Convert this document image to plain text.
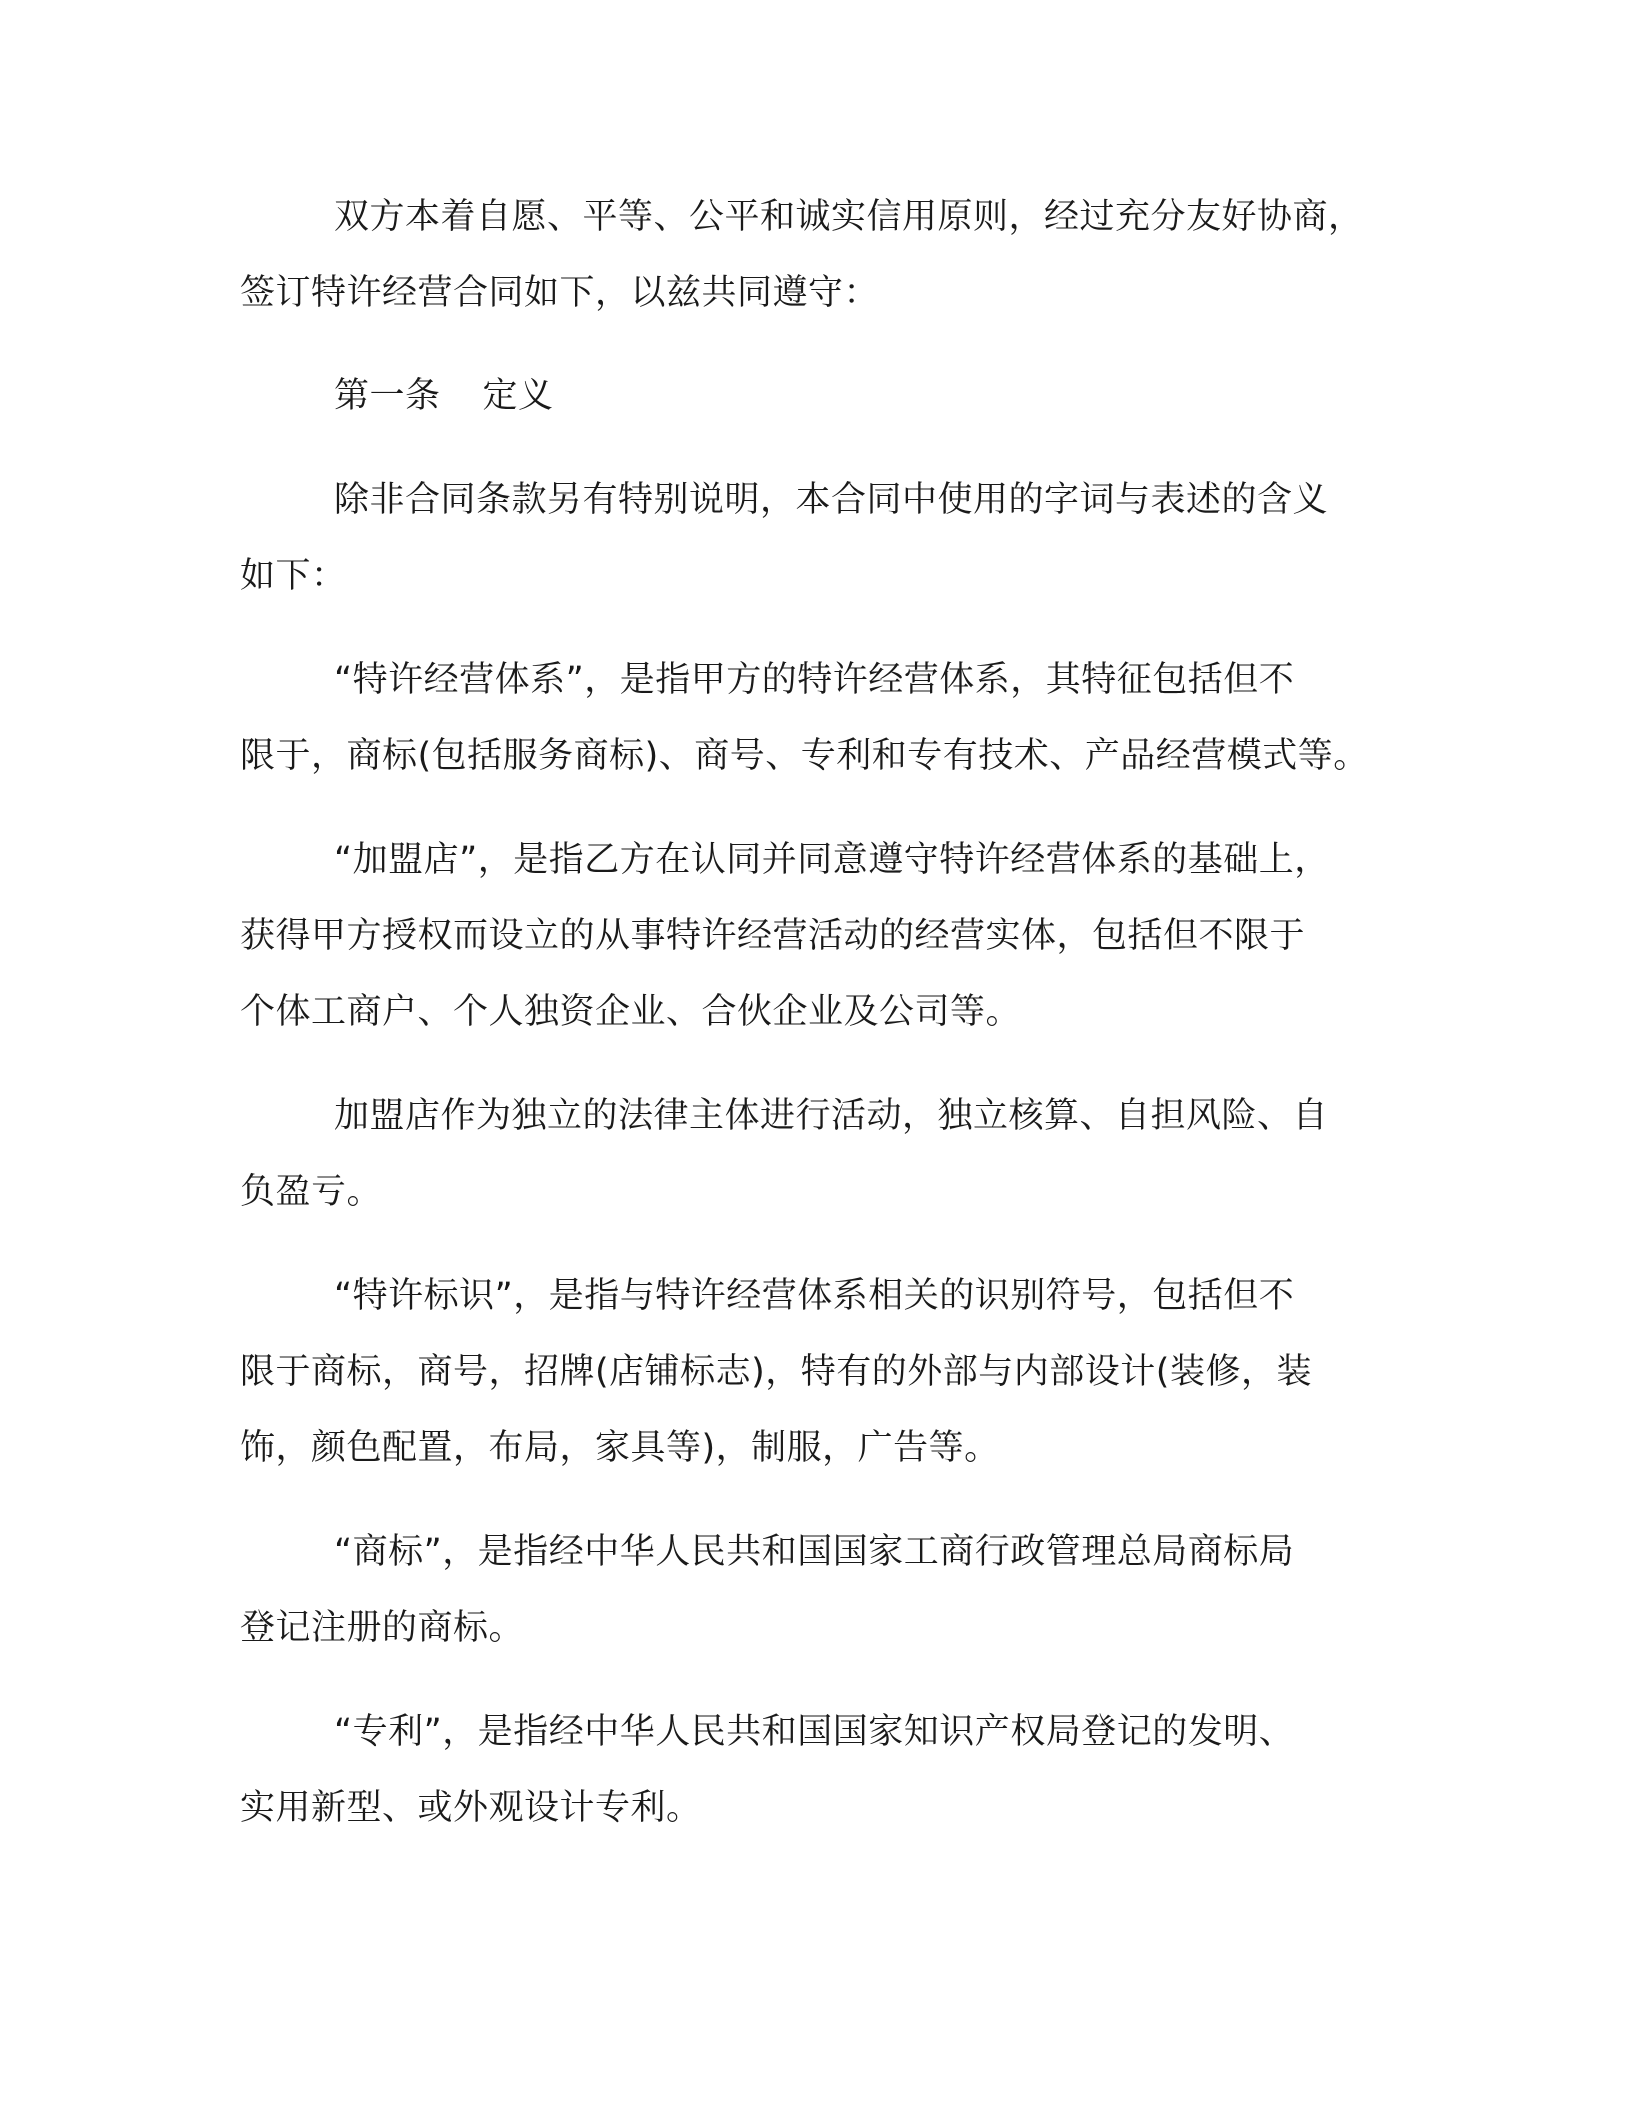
双方本着自愿、平等、公平和诚实信用原则，经过充分友好协商，
签订特许经营合同如下，以兹共同遵守：
第一条 定义
除非合同条款另有特别说明，本合同中使用的字词与表述的含义
如下：
“特许经营体系”，是指甲方的特许经营体系，其特征包括但不
限于，商标(包括服务商标)、商号、专利和专有技术、产品经营模式等。
“加盟店”，是指乙方在认同并同意遵守特许经营体系的基础上，
获得甲方授权而设立的从事特许经营活动的经营实体，包括但不限于
个体工商户、个人独资企业、合伙企业及公司等。
加盟店作为独立的法律主体进行活动，独立核算、自担风险、自
负盈亏。
“特许标识”，是指与特许经营体系相关的识别符号，包括但不
限于商标，商号，招牌(店铺标志)，特有的外部与内部设计(装修，装
饰，颜色配置，布局，家具等)，制服，广告等。
“商标”，是指经中华人民共和国国家工商行政管理总局商标局
登记注册的商标。
“专利”，是指经中华人民共和国国家知识产权局登记的发明、
实用新型、或外观设计专利。
